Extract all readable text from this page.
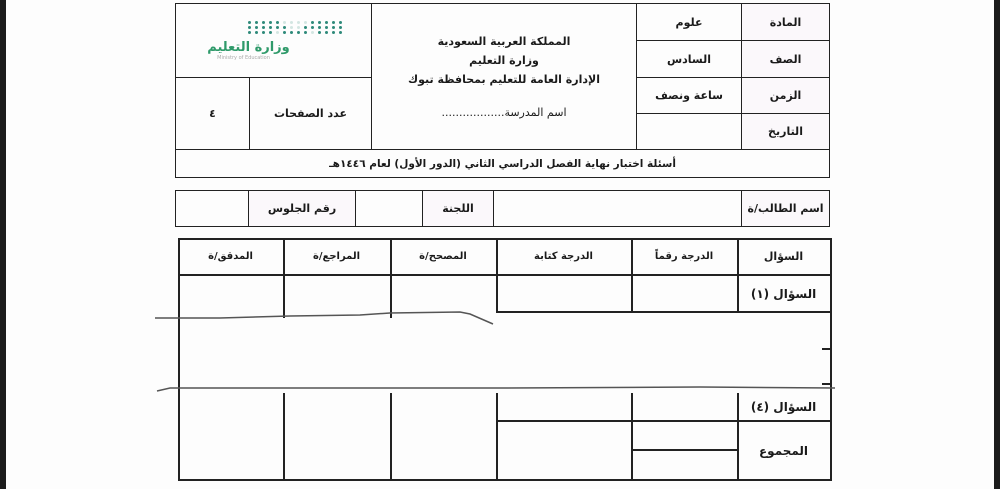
المادة
الصف
الزمن
التاريخ
علوم
السادس
ساعة ونصف
المملكة العربية السعودية
وزارة التعليم
الإدارة العامة للتعليم بمحافظة تبوك
اسم المدرسة..................
وزارة التعليم
Ministry of Education
عدد الصفحات
٤
أسئلة اختبار نهاية الفصل الدراسي الثاني (الدور الأول) لعام ١٤٤٦هـ
اسم الطالب/ة
اللجنة
رقم الجلوس
السؤال
الدرجة رقماً
الدرجة كتابة
المصحح/ة
المراجع/ة
المدقق/ة
السؤال (١)
السؤال (٤)
المجموع
